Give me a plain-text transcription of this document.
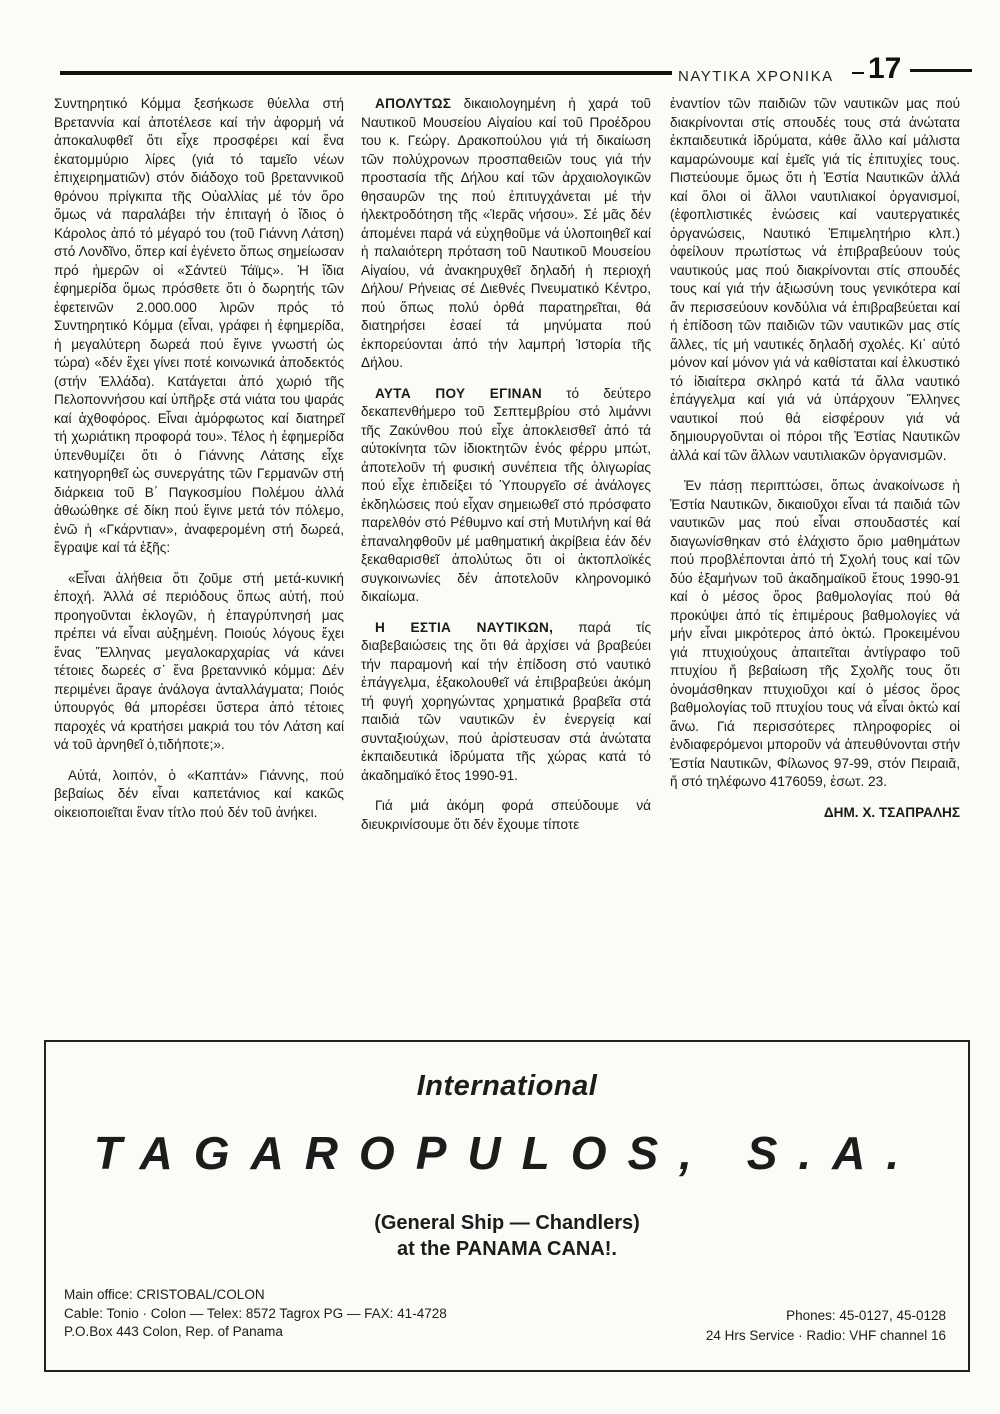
ΝΑΥΤΙΚΑ ΧΡΟΝΙΚΑ 17

Συντηρητικό Κόμμα ξεσήκωσε θύελλα στή Βρεταννία καί ἀποτέλεσε καί τήν ἀφορμή νά ἀποκαλυφθεῖ ὅτι εἶχε προσφέρει καί ἕνα ἑκατομμύριο λίρες (γιά τό ταμεῖο νέων ἐπιχειρηματιῶν) στόν διάδοχο τοῦ βρεταννικοῦ θρόνου πρίγκιπα τῆς Οὐαλλίας μέ τόν ὅρο ὅμως νά παραλάβει τήν ἐπιταγή ὁ ἴδιος ὁ Κάρολος ἀπό τό μέγαρό του (τοῦ Γιάννη Λάτση) στό Λονδῖνο, ὅπερ καί ἐγένετο ὅπως σημείωσαν πρό ἡμερῶν οἱ «Σάντεϋ Τάϊμς». Ἡ ἴδια ἐφημερίδα ὅμως πρόσθετε ὅτι ὁ δωρητής τῶν ἐφετεινῶν 2.000.000 λιρῶν πρός τό Συντηρητικό Κόμμα (εἶναι, γράφει ἡ ἐφημερίδα, ἡ μεγαλύτερη δωρεά πού ἔγινε γνωστή ὡς τώρα) «δέν ἔχει γίνει ποτέ κοινωνικά ἀποδεκτός (στήν Ἑλλάδα). Κατάγεται ἀπό χωριό τῆς Πελοποννήσου καί ὑπῆρξε στά νιάτα του ψαράς καί ἀχθοφόρος. Εἶναι ἀμόρφωτος καί διατηρεῖ τή χωριάτικη προφορά του». Τέλος ἡ ἐφημερίδα ὑπενθυμίζει ὅτι ὁ Γιάννης Λάτσης εἶχε κατηγορηθεῖ ὡς συνεργάτης τῶν Γερμανῶν στή διάρκεια τοῦ Β΄ Παγκοσμίου Πολέμου ἀλλά ἀθωώθηκε σέ δίκη πού ἔγινε μετά τόν πόλεμο, ἐνῶ ἡ «Γκάρντιαν», ἀναφερομένη στή δωρεά, ἔγραψε καί τά ἑξῆς:

«Εἶναι ἀλήθεια ὅτι ζοῦμε στή μετά-κυνική ἐποχή. Ἀλλά σέ περιόδους ὅπως αὐτή, πού προηγοῦνται ἐκλογῶν, ἡ ἐπαγρύπνησή μας πρέπει νά εἶναι αὐξημένη. Ποιούς λόγους ἔχει ἕνας Ἕλληνας μεγαλοκαρχαρίας νά κάνει τέτοιες δωρεές σ᾽ ἕνα βρεταννικό κόμμα: Δέν περιμένει ἄραγε ἀνάλογα ἀνταλλάγματα; Ποιός ὑπουργός θά μπορέσει ὕστερα ἀπό τέτοιες παροχές νά κρατήσει μακριά του τόν Λάτση καί νά τοῦ ἀρνηθεῖ ὁ,τιδήποτε;».

Αὐτά, λοιπόν, ὁ «Καπτάν» Γιάννης, πού βεβαίως δέν εἶναι καπετάνιος καί κακῶς οἰκειοποιεῖται ἕναν τίτλο πού δέν τοῦ ἀνήκει.

ΑΠΟΛΥΤΩΣ δικαιολογημένη ἡ χαρά τοῦ Ναυτικοῦ Μουσείου Αἰγαίου καί τοῦ Προέδρου του κ. Γεώργ. Δρακοπούλου γιά τή δικαίωση τῶν πολύχρονων προσπαθειῶν τους γιά τήν προστασία τῆς Δήλου καί τῶν ἀρχαιολογικῶν θησαυρῶν της πού ἐπιτυγχάνεται μέ τήν ἠλεκτροδότηση τῆς «Ἱερᾶς νήσου». Σέ μᾶς δέν ἀπομένει παρά νά εὐχηθοῦμε νά ὑλοποιηθεῖ καί ἡ παλαιότερη πρόταση τοῦ Ναυτικοῦ Μουσείου Αἰγαίου, νά ἀνακηρυχθεῖ δηλαδή ἡ περιοχή Δήλου/ Ρήνειας σέ Διεθνές Πνευματικό Κέντρο, πού ὅπως πολύ ὀρθά παρατηρεῖται, θά διατηρήσει ἐσαεί τά μηνύματα πού ἐκπορεύονται ἀπό τήν λαμπρή Ἱστορία τῆς Δήλου.

ΑΥΤΑ ΠΟΥ ΕΓΙΝΑΝ τό δεύτερο δεκαπενθήμερο τοῦ Σεπτεμβρίου στό λιμάννι τῆς Ζακύνθου πού εἶχε ἀποκλεισθεῖ ἀπό τά αὐτοκίνητα τῶν ἰδιοκτητῶν ἑνός φέρρυ μπώτ, ἀποτελοῦν τή φυσική συνέπεια τῆς ὀλιγωρίας πού εἶχε ἐπιδείξει τό Ὑπουργεῖο σέ ἀνάλογες ἐκδηλώσεις πού εἶχαν σημειωθεῖ στό πρόσφατο παρελθόν στό Ρέθυμνο καί στή Μυτιλήνη καί θά ἐπαναληφθοῦν μέ μαθηματική ἀκρίβεια ἐάν δέν ξεκαθαρισθεῖ ἀπολύτως ὅτι οἱ ἀκτοπλοϊκές συγκοινωνίες δέν ἀποτελοῦν κληρονομικό δικαίωμα.

Η ΕΣΤΙΑ ΝΑΥΤΙΚΩΝ, παρά τίς διαβεβαιώσεις της ὅτι θά ἀρχίσει νά βραβεύει τήν παραμονή καί τήν ἐπίδοση στό ναυτικό ἐπάγγελμα, ἐξακολουθεῖ νά ἐπιβραβεύει ἀκόμη τή φυγή χορηγώντας χρηματικά βραβεῖα στά παιδιά τῶν ναυτικῶν ἐν ἐνεργείᾳ καί συνταξιούχων, πού ἀρίστευσαν στά ἀνώτατα ἐκπαιδευτικά ἱδρύματα τῆς χώρας κατά τό ἀκαδημαϊκό ἔτος 1990-91.

Γιά μιά ἀκόμη φορά σπεύδουμε νά διευκρινίσουμε ὅτι δέν ἔχουμε τίποτε

ἐναντίον τῶν παιδιῶν τῶν ναυτικῶν μας πού διακρίνονται στίς σπουδές τους στά ἀνώτατα ἐκπαιδευτικά ἱδρύματα, κάθε ἄλλο καί μάλιστα καμαρώνουμε καί ἐμεῖς γιά τίς ἐπιτυχίες τους. Πιστεύουμε ὅμως ὅτι ἡ Ἑστία Ναυτικῶν ἀλλά καί ὅλοι οἱ ἄλλοι ναυτιλιακοί ὀργανισμοί, (ἐφοπλιστικές ἑνώσεις καί ναυτεργατικές ὀργανώσεις, Ναυτικό Ἐπιμελητήριο κλπ.) ὀφείλουν πρωτίστως νά ἐπιβραβεύουν τούς ναυτικούς μας πού διακρίνονται στίς σπουδές τους καί γιά τήν ἀξιωσύνη τους γενικότερα καί ἄν περισσεύουν κονδύλια νά ἐπιβραβεύεται καί ἡ ἐπίδοση τῶν παιδιῶν τῶν ναυτικῶν μας στίς ἄλλες, τίς μή ναυτικές δηλαδή σχολές. Κι᾽ αὐτό μόνον καί μόνον γιά νά καθίσταται καί ἑλκυστικό τό ἰδιαίτερα σκληρό κατά τά ἄλλα ναυτικό ἐπάγγελμα καί γιά νά ὑπάρχουν Ἕλληνες ναυτικοί πού θά εἰσφέρουν γιά νά δημιουργοῦνται οἱ πόροι τῆς Ἑστίας Ναυτικῶν ἀλλά καί τῶν ἄλλων ναυτιλιακῶν ὀργανισμῶν.

Ἐν πάσῃ περιπτώσει, ὅπως ἀνακοίνωσε ἡ Ἑστία Ναυτικῶν, δικαιοῦχοι εἶναι τά παιδιά τῶν ναυτικῶν μας πού εἶναι σπουδαστές καί διαγωνίσθηκαν στό ἐλάχιστο ὅριο μαθημάτων πού προβλέπονται ἀπό τή Σχολή τους καί τῶν δύο ἑξαμήνων τοῦ ἀκαδημαϊκοῦ ἔτους 1990-91 καί ὁ μέσος ὅρος βαθμολογίας πού θά προκύψει ἀπό τίς ἐπιμέρους βαθμολογίες νά μήν εἶναι μικρότερος ἀπό ὀκτώ. Προκειμένου γιά πτυχιούχους ἀπαιτεῖται ἀντίγραφο τοῦ πτυχίου ἤ βεβαίωση τῆς Σχολῆς τους ὅτι ὀνομάσθηκαν πτυχιοῦχοι καί ὁ μέσος ὅρος βαθμολογίας τοῦ πτυχίου τους νά εἶναι ὀκτώ καί ἄνω. Γιά περισσότερες πληροφορίες οἱ ἐνδιαφερόμενοι μποροῦν νά ἀπευθύνονται στήν Ἑστία Ναυτικῶν, Φίλωνος 97-99, στόν Πειραιᾶ, ἤ στό τηλέφωνο 4176059, ἐσωτ. 23.

ΔΗΜ. Χ. ΤΣΑΠΡΑΛΗΣ
International
TAGAROPULOS, S.A.
(General Ship — Chandlers)
at the PANAMA CANA!.
Main office: CRISTOBAL/COLON
Cable: Tonio · Colon — Telex: 8572 Tagrox PG — FAX: 41-4728
P.O.Box 443 Colon, Rep. of Panama
Phones: 45-0127, 45-0128
24 Hrs Service · Radio: VHF channel 16
